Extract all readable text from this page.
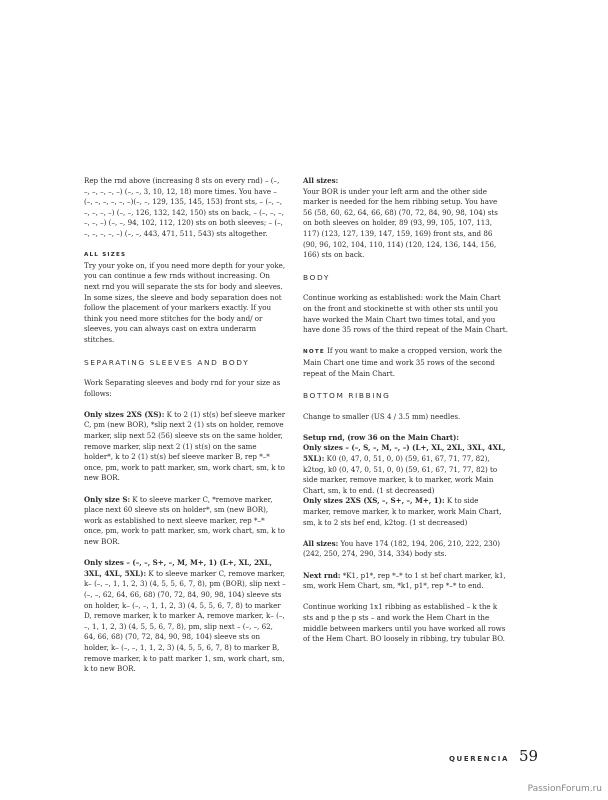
Rep the rnd above (increasing 8 sts on every rnd) – (–, –, –, –, –, –) (–, –, 3, 10, 12, 18) more times. You have – (–, –, –, –, –, –)(–, –, 129, 135, 145, 153) front sts, – (–, –, –, –, –, –) (–, –, 126, 132, 142, 150) sts on back, – (–, –, –, –, –, –) (–, –, 94, 102, 112, 120) sts on both sleeves; – (–, –, –, –, –, –) (–, –, 443, 471, 511, 543) sts altogether.

ALL SIZES

Try your yoke on, if you need more depth for your yoke, you can continue a few rnds without increasing. On next rnd you will separate the sts for body and sleeves. In some sizes, the sleeve and body separation does not follow the placement of your markers exactly. If you think you need more stitches for the body and/ or sleeves, you can always cast on extra underarm stitches.

SEPARATING SLEEVES AND BODY

Work Separating sleeves and body rnd for your size as follows:

Only sizes 2XS (XS): K to 2 (1) st(s) bef sleeve marker C, pm (new BOR), *slip next 2 (1) sts on holder, remove marker, slip next 52 (56) sleeve sts on the same holder, remove marker, slip next 2 (1) st(s) on the same holder*, k to 2 (1) st(s) bef sleeve marker B, rep *–* once, pm, work to patt marker, sm, work chart, sm, k to new BOR.

Only size S: K to sleeve marker C, *remove marker, place next 60 sleeve sts on holder*, sm (new BOR), work as established to next sleeve marker, rep *–* once, pm, work to patt marker, sm, work chart, sm, k to new BOR.

Only sizes – (–, –, S+, –, M, M+, 1) (L+, XL, 2XL, 3XL, 4XL, 5XL): K to sleeve marker C, remove marker, k– (–, –, 1, 1, 2, 3) (4, 5, 5, 6, 7, 8), pm (BOR), slip next – (–, –, 62, 64, 66, 68) (70, 72, 84, 90, 98, 104) sleeve sts on holder, k– (–, –, 1, 1, 2, 3) (4, 5, 5, 6, 7, 8) to marker D, remove marker, k to marker A, remove marker, k– (–, –, 1, 1, 2, 3) (4, 5, 5, 6, 7, 8), pm, slip next – (–, –, 62, 64, 66, 68) (70, 72, 84, 90, 98, 104) sleeve sts on holder, k– (–, –, 1, 1, 2, 3) (4, 5, 5, 6, 7, 8) to marker B, remove marker, k to patt marker 1, sm, work chart, sm, k to new BOR.

All sizes:

Your BOR is under your left arm and the other side marker is needed for the hem ribbing setup. You have 56 (58, 60, 62, 64, 66, 68) (70, 72, 84, 90, 98, 104) sts on both sleeves on holder, 89 (93, 99, 105, 107, 113, 117) (123, 127, 139, 147, 159, 169) front sts, and 86 (90, 96, 102, 104, 110, 114) (120, 124, 136, 144, 156, 166) sts on back.

BODY

Continue working as established: work the Main Chart on the front and stockinette st with other sts until you have worked the Main Chart two times total, and you have done 35 rows of the third repeat of the Main Chart.

NOTE If you want to make a cropped version, work the Main Chart one time and work 35 rows of the second repeat of the Main Chart.

BOTTOM RIBBING

Change to smaller (US 4 / 3.5 mm) needles.

Setup rnd, (row 36 on the Main Chart):
Only sizes – (–, S, –, M, –, –) (L+, XL, 2XL, 3XL, 4XL, 5XL): K0 (0, 47, 0, 51, 0, 0) (59, 61, 67, 71, 77, 82), k2tog, k0 (0, 47, 0, 51, 0, 0) (59, 61, 67, 71, 77, 82) to side marker, remove marker, k to marker, work Main Chart, sm, k to end. (1 st decreased)
Only sizes 2XS (XS, –, S+, –, M+, 1): K to side marker, remove marker, k to marker, work Main Chart, sm, k to 2 sts bef end, k2tog. (1 st decreased)

All sizes: You have 174 (182, 194, 206, 210, 222, 230) (242, 250, 274, 290, 314, 334) body sts.

Next rnd: *K1, p1*, rep *–* to 1 st bef chart marker, k1, sm, work Hem Chart, sm, *k1, p1*, rep *–* to end.

Continue working 1x1 ribbing as established – k the k sts and p the p sts – and work the Hem Chart in the middle between markers until you have worked all rows of the Hem Chart. BO loosely in ribbing, try tubular BO.

QUERENCIA 59
PassionForum.ru
